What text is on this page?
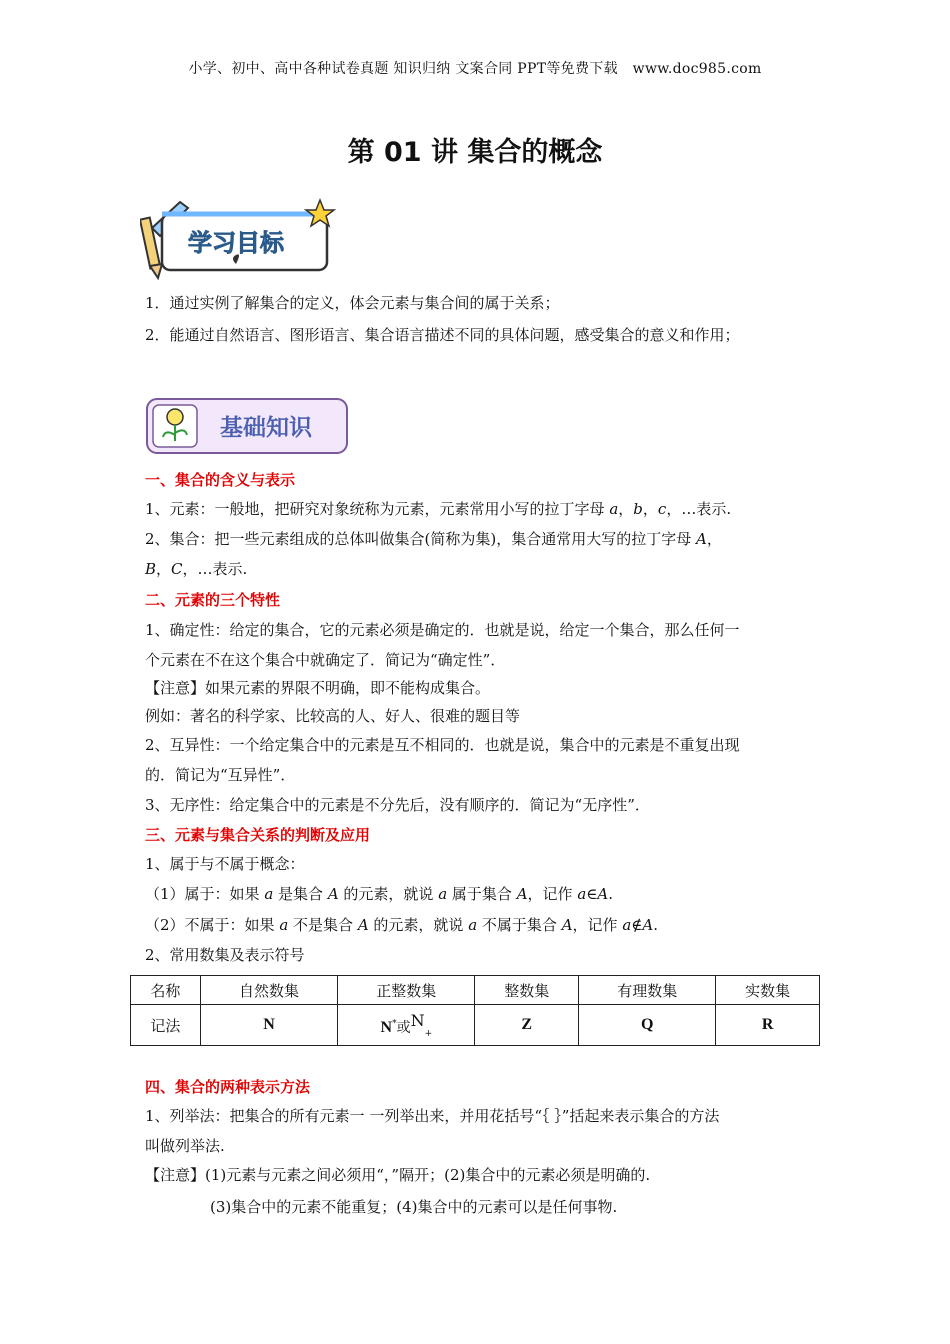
小学、初中、高中各种试卷真题 知识归纳 文案合同 PPT等免费下载 www.doc985.com
第 01 讲 集合的概念
学习目标
1．通过实例了解集合的定义，体会元素与集合间的属于关系；
2．能通过自然语言、图形语言、集合语言描述不同的具体问题，感受集合的意义和作用；
基础知识
一、集合的含义与表示
1、元素：一般地，把研究对象统称为元素，元素常用小写的拉丁字母 a，b，c，…表示.
2、集合：把一些元素组成的总体叫做集合(简称为集)，集合通常用大写的拉丁字母 A，
B，C，…表示.
二、元素的三个特性
1、确定性：给定的集合，它的元素必须是确定的．也就是说，给定一个集合，那么任何一
个元素在不在这个集合中就确定了．简记为“确定性”．
【注意】如果元素的界限不明确，即不能构成集合。
例如：著名的科学家、比较高的人、好人、很难的题目等
2、互异性：一个给定集合中的元素是互不相同的．也就是说，集合中的元素是不重复出现
的．简记为“互异性”．
3、无序性：给定集合中的元素是不分先后，没有顺序的．简记为“无序性”．
三、元素与集合关系的判断及应用
1、属于与不属于概念：
（1）属于：如果 a 是集合 A 的元素，就说 a 属于集合 A，记作 a∈A.
（2）不属于：如果 a 不是集合 A 的元素，就说 a 不属于集合 A，记作 a∉A.
2、常用数集及表示符号
名称	自然数集	正整数集	整数集	有理数集	实数集
记法	N	N*或$N_+$	Z	Q	R
四、集合的两种表示方法
1、列举法：把集合的所有元素一 一列举出来，并用花括号“｛ ｝”括起来表示集合的方法
叫做列举法.
【注意】(1)元素与元素之间必须用“，”隔开；(2)集合中的元素必须是明确的.
(3)集合中的元素不能重复；(4)集合中的元素可以是任何事物.
